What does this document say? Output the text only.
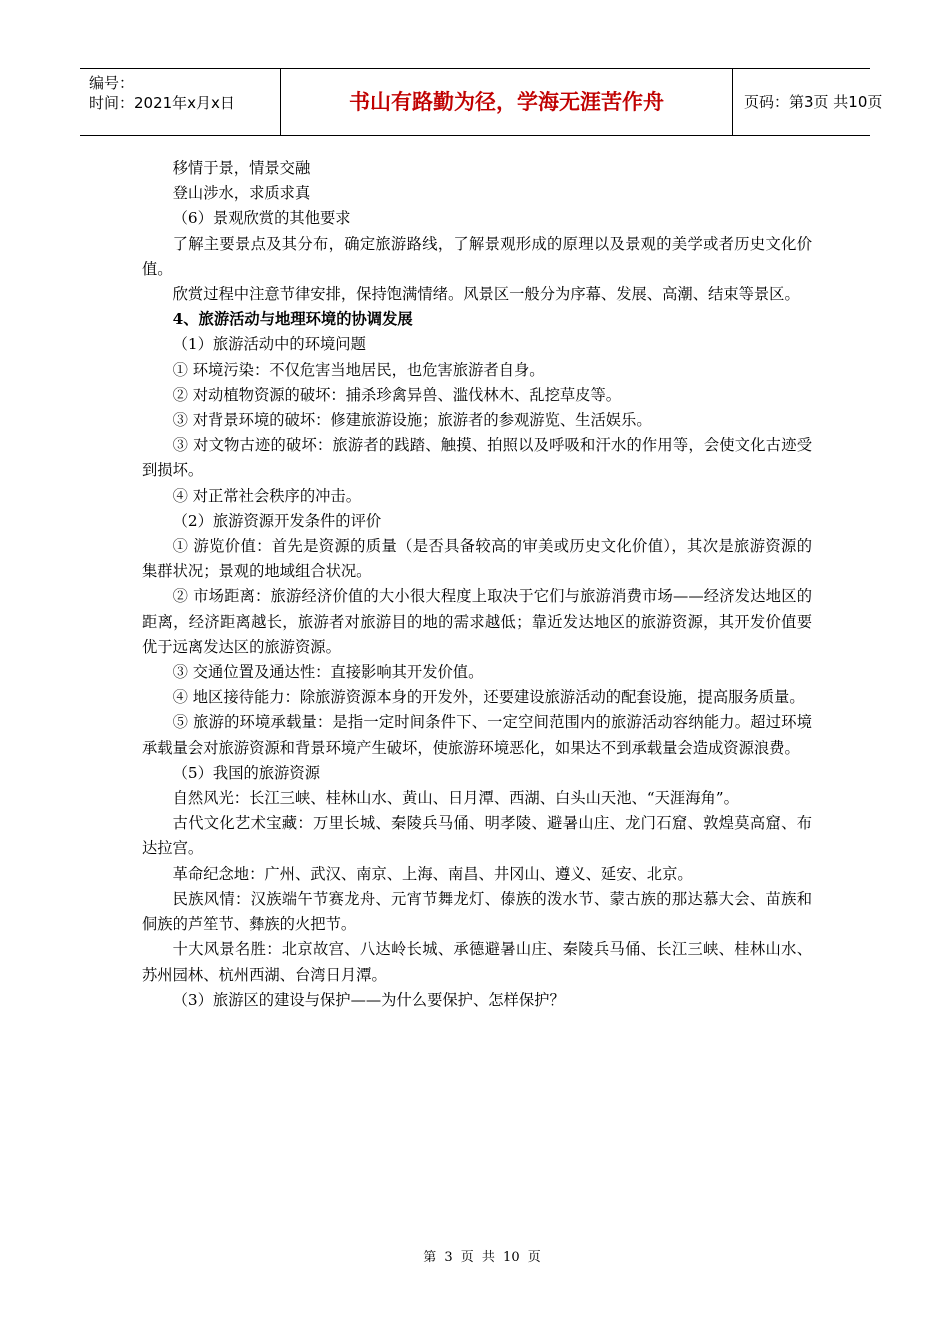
编号：
时间：2021年x月x日	书山有路勤为径，学海无涯苦作舟	页码：第3页 共10页

移情于景，情景交融

登山涉水，求质求真

（6）景观欣赏的其他要求

了解主要景点及其分布，确定旅游路线，了解景观形成的原理以及景观的美学或者历史文化价值。

欣赏过程中注意节律安排，保持饱满情绪。风景区一般分为序幕、发展、高潮、结束等景区。

4、旅游活动与地理环境的协调发展

（1）旅游活动中的环境问题

① 环境污染：不仅危害当地居民，也危害旅游者自身。

② 对动植物资源的破坏：捕杀珍禽异兽、滥伐林木、乱挖草皮等。

③ 对背景环境的破坏：修建旅游设施；旅游者的参观游览、生活娱乐。

③ 对文物古迹的破坏：旅游者的践踏、触摸、拍照以及呼吸和汗水的作用等，会使文化古迹受到损坏。

④ 对正常社会秩序的冲击。

（2）旅游资源开发条件的评价

① 游览价值：首先是资源的质量（是否具备较高的审美或历史文化价值），其次是旅游资源的集群状况；景观的地域组合状况。

② 市场距离：旅游经济价值的大小很大程度上取决于它们与旅游消费市场——经济发达地区的距离，经济距离越长，旅游者对旅游目的地的需求越低；靠近发达地区的旅游资源，其开发价值要优于远离发达区的旅游资源。

③ 交通位置及通达性：直接影响其开发价值。

④ 地区接待能力：除旅游资源本身的开发外，还要建设旅游活动的配套设施，提高服务质量。

⑤ 旅游的环境承载量：是指一定时间条件下、一定空间范围内的旅游活动容纳能力。超过环境承载量会对旅游资源和背景环境产生破坏，使旅游环境恶化，如果达不到承载量会造成资源浪费。

（5）我国的旅游资源

自然风光：长江三峡、桂林山水、黄山、日月潭、西湖、白头山天池、“天涯海角”。

古代文化艺术宝藏：万里长城、秦陵兵马俑、明孝陵、避暑山庄、龙门石窟、敦煌莫高窟、布达拉宫。

革命纪念地：广州、武汉、南京、上海、南昌、井冈山、遵义、延安、北京。

民族风情：汉族端午节赛龙舟、元宵节舞龙灯、傣族的泼水节、蒙古族的那达慕大会、苗族和侗族的芦笙节、彝族的火把节。

十大风景名胜：北京故宫、八达岭长城、承德避暑山庄、秦陵兵马俑、长江三峡、桂林山水、苏州园林、杭州西湖、台湾日月潭。

（3）旅游区的建设与保护——为什么要保护、怎样保护？

第 3 页 共 10 页
